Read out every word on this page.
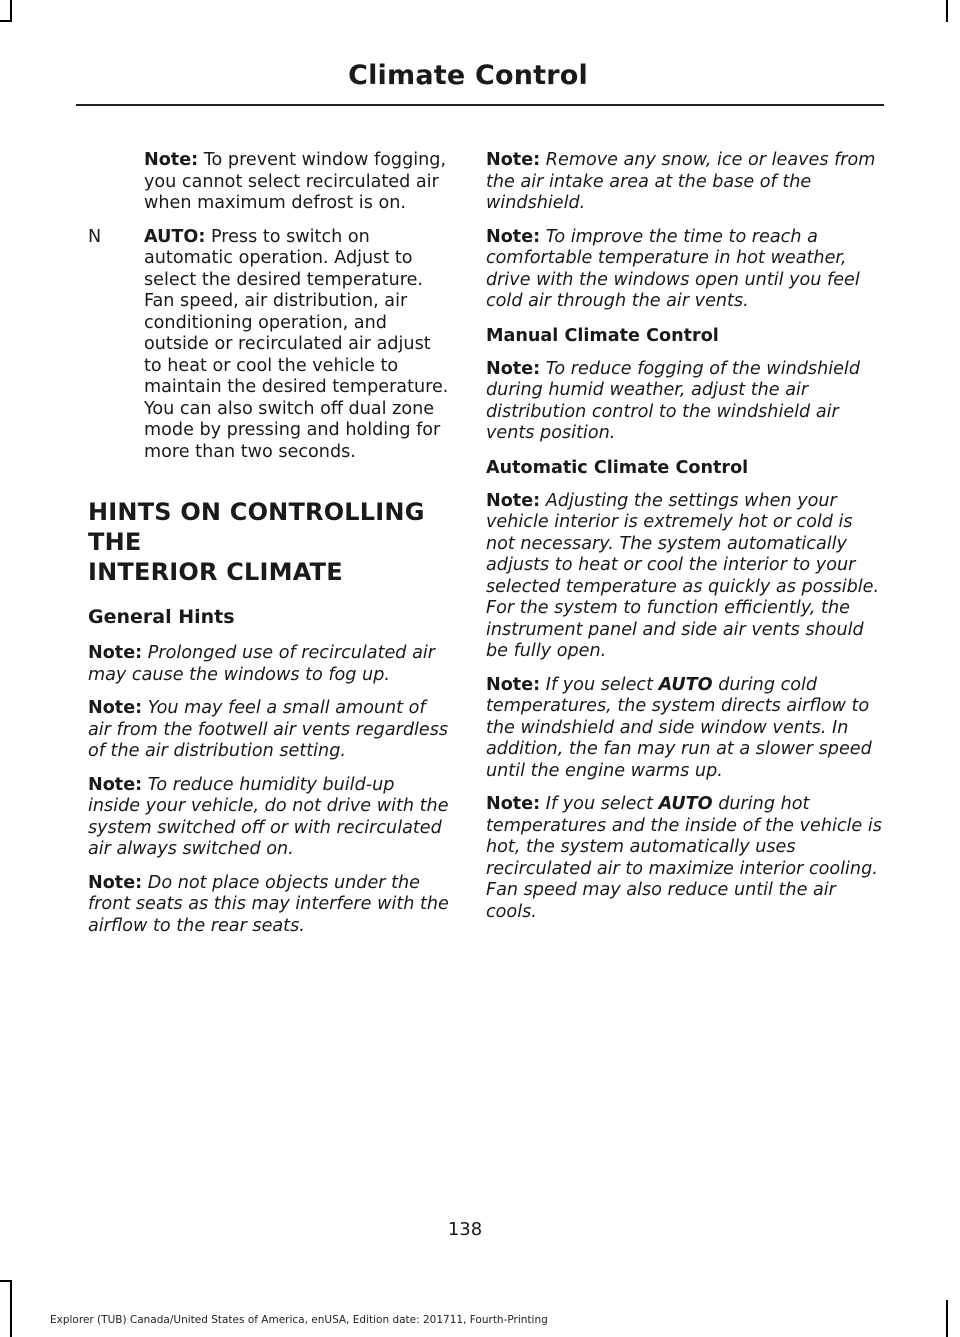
Climate Control

Note: To prevent window fogging, you cannot select recirculated air when maximum defrost is on.

N AUTO: Press to switch on automatic operation. Adjust to select the desired temperature. Fan speed, air distribution, air conditioning operation, and outside or recirculated air adjust to heat or cool the vehicle to maintain the desired temperature. You can also switch off dual zone mode by pressing and holding for more than two seconds.
HINTS ON CONTROLLING THE
INTERIOR CLIMATE
General Hints

Note: Prolonged use of recirculated air may cause the windows to fog up.

Note: You may feel a small amount of air from the footwell air vents regardless of the air distribution setting.

Note: To reduce humidity build-up inside your vehicle, do not drive with the system switched off or with recirculated air always switched on.

Note: Do not place objects under the front seats as this may interfere with the airflow to the rear seats.

Note: Remove any snow, ice or leaves from the air intake area at the base of the windshield.

Note: To improve the time to reach a comfortable temperature in hot weather, drive with the windows open until you feel cold air through the air vents.

Manual Climate Control

Note: To reduce fogging of the windshield during humid weather, adjust the air distribution control to the windshield air vents position.

Automatic Climate Control

Note: Adjusting the settings when your vehicle interior is extremely hot or cold is not necessary. The system automatically adjusts to heat or cool the interior to your selected temperature as quickly as possible. For the system to function efficiently, the instrument panel and side air vents should be fully open.

Note: If you select AUTO during cold temperatures, the system directs airflow to the windshield and side window vents. In addition, the fan may run at a slower speed until the engine warms up.

Note: If you select AUTO during hot temperatures and the inside of the vehicle is hot, the system automatically uses recirculated air to maximize interior cooling. Fan speed may also reduce until the air cools.

138
Explorer (TUB) Canada/United States of America, enUSA, Edition date: 201711, Fourth-Printing
